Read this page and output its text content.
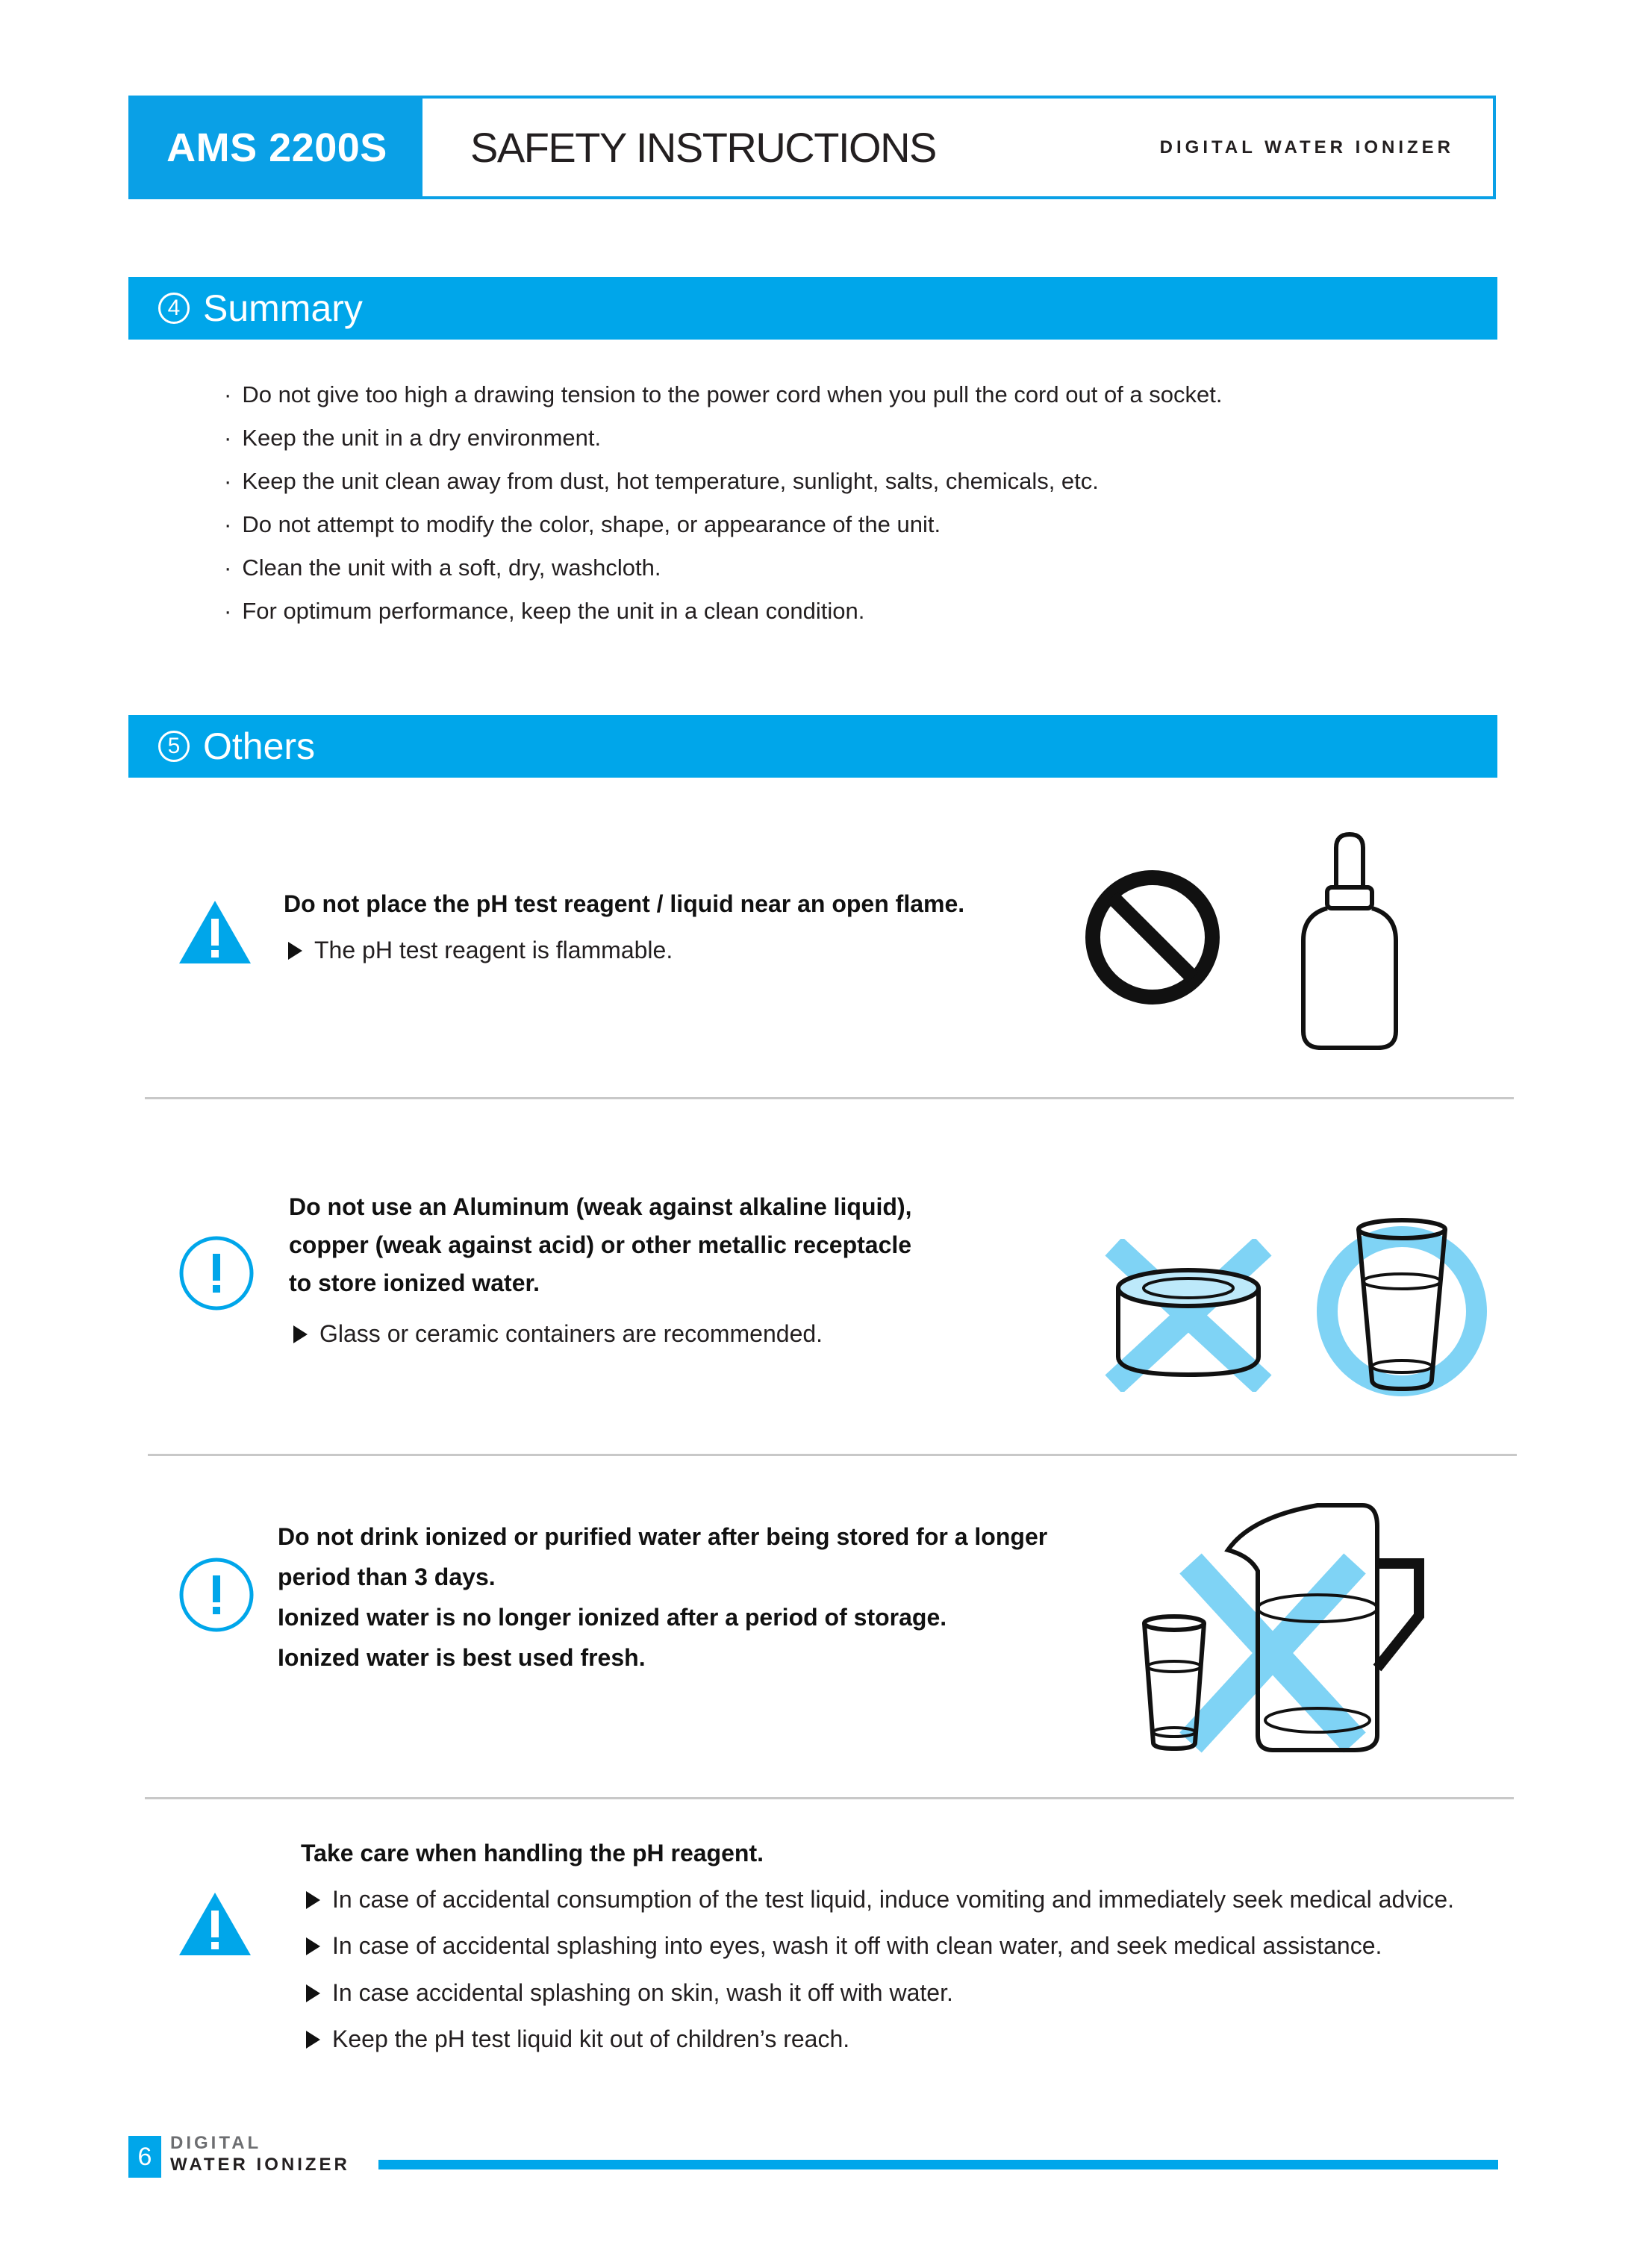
AMS 2200S	SAFETY INSTRUCTIONS	DIGITAL WATER IONIZER
4 Summary
· Do not give too high a drawing tension to the power cord when you pull the cord out of a socket.
· Keep the unit in a dry environment.
· Keep the unit clean away from dust, hot temperature, sunlight, salts, chemicals, etc.
· Do not attempt to modify the color, shape, or appearance of the unit.
· Clean the unit with a soft, dry, washcloth.
· For optimum performance, keep the unit in a clean condition.
5 Others
Do not place the pH test reagent / liquid near an open flame.
The pH test reagent is flammable.
Do not use an Aluminum (weak against alkaline liquid),
copper (weak against acid) or other metallic receptacle
to store ionized water.
Glass or ceramic containers are recommended.
Do not drink ionized or purified water after being stored for a longer
period than 3 days.
Ionized water is no longer ionized after a period of storage.
Ionized water is best used fresh.
Take care when handling the pH reagent.
In case of accidental consumption of the test liquid, induce vomiting and immediately seek medical advice.
In case of accidental splashing into eyes, wash it off with clean water, and seek medical assistance.
In case accidental splashing on skin, wash it off with water.
Keep the pH test liquid kit out of children’s reach.
6	DIGITAL
WATER IONIZER
